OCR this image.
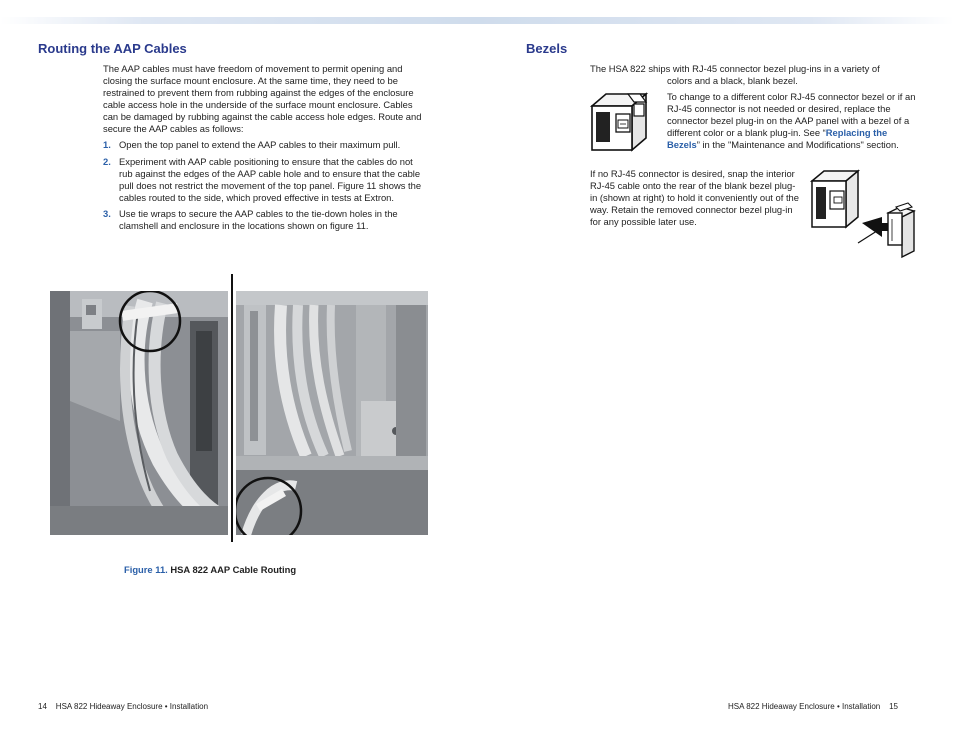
Routing the AAP Cables

The AAP cables must have freedom of movement to permit opening and closing the surface mount enclosure. At the same time, they need to be restrained to prevent them from rubbing against the edges of the enclosure cable access hole in the underside of the surface mount enclosure. Cables can be damaged by rubbing against the cable access hole edges. Route and secure the AAP cables as follows:

1. Open the top panel to extend the AAP cables to their maximum pull.
2. Experiment with AAP cable positioning to ensure that the cables do not rub against the edges of the AAP cable hole and to ensure that the cable pull does not restrict the movement of the top panel. Figure 11 shows the cables routed to the side, which proved effective in tests at Extron.
3. Use tie wraps to secure the AAP cables to the tie-down holes in the clamshell and enclosure in the locations shown on figure 11.
Figure 11. HSA 822 AAP Cable Routing
14 HSA 822 Hideaway Enclosure • Installation
Bezels

The HSA 822 ships with RJ-45 connector bezel plug-ins in a variety of

colors and a black, blank bezel.

To change to a different color RJ-45 connector bezel or if an RJ-45 connector is not needed or desired, replace the connector bezel plug-in on the AAP panel with a bezel of a different color or a blank plug-in. See “Replacing the Bezels” in the "Maintenance and Modifications" section.

If no RJ-45 connector is desired, snap the interior RJ-45 cable onto the rear of the blank bezel plug-in (shown at right) to hold it conveniently out of the way. Retain the removed connector bezel plug-in for any possible later use.

HSA 822 Hideaway Enclosure • Installation 15
